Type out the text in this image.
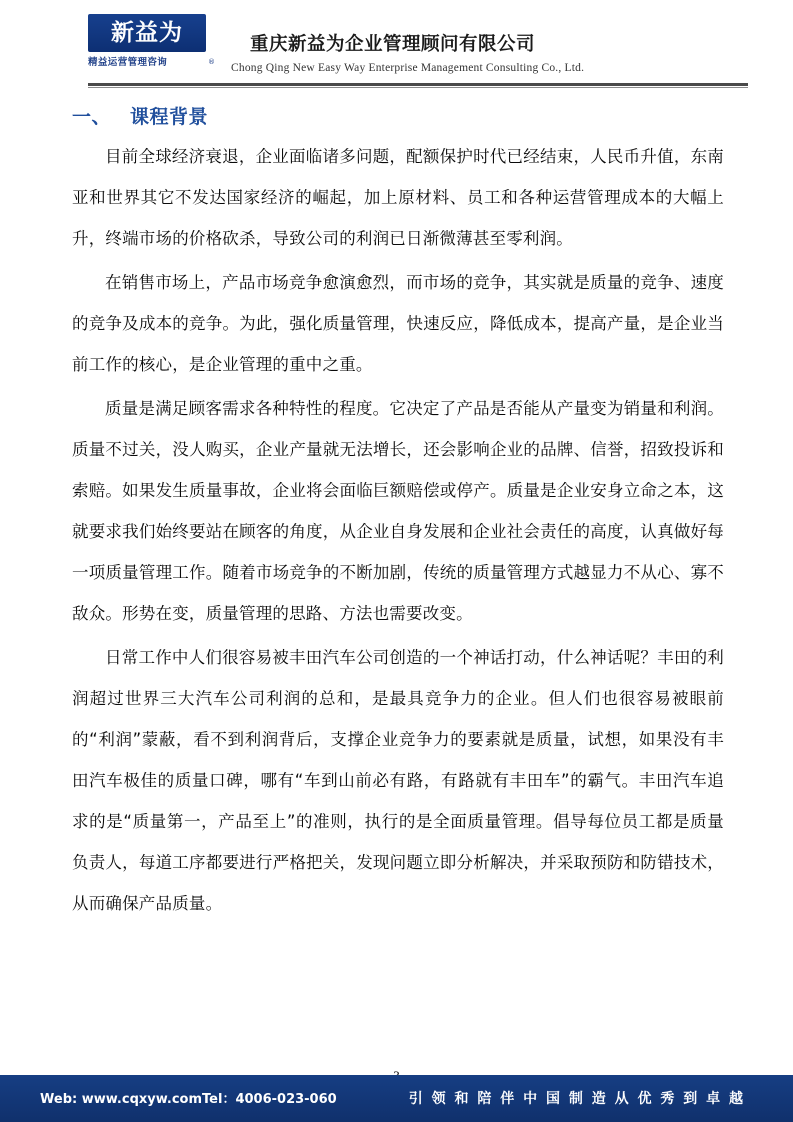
新益为
精益运营管理咨询	®
重庆新益为企业管理顾问有限公司
Chong Qing New Easy Way Enterprise Management Consulting Co., Ltd.
一、 课程背景

目前全球经济衰退，企业面临诸多问题，配额保护时代已经结束，人民币升值，东南亚和世界其它不发达国家经济的崛起，加上原材料、员工和各种运营管理成本的大幅上升，终端市场的价格砍杀，导致公司的利润已日渐微薄甚至零利润。

在销售市场上，产品市场竞争愈演愈烈，而市场的竞争，其实就是质量的竞争、速度的竞争及成本的竞争。为此，强化质量管理，快速反应，降低成本，提高产量，是企业当前工作的核心，是企业管理的重中之重。

质量是满足顾客需求各种特性的程度。它决定了产品是否能从产量变为销量和利润。质量不过关，没人购买，企业产量就无法增长，还会影响企业的品牌、信誉，招致投诉和索赔。如果发生质量事故，企业将会面临巨额赔偿或停产。质量是企业安身立命之本，这就要求我们始终要站在顾客的角度，从企业自身发展和企业社会责任的高度，认真做好每一项质量管理工作。随着市场竞争的不断加剧，传统的质量管理方式越显力不从心、寡不敌众。形势在变，质量管理的思路、方法也需要改变。

日常工作中人们很容易被丰田汽车公司创造的一个神话打动，什么神话呢？丰田的利润超过世界三大汽车公司利润的总和，是最具竞争力的企业。但人们也很容易被眼前的“利润”蒙蔽，看不到利润背后，支撑企业竞争力的要素就是质量，试想，如果没有丰田汽车极佳的质量口碑，哪有“车到山前必有路，有路就有丰田车”的霸气。丰田汽车追求的是“质量第一，产品至上”的准则，执行的是全面质量管理。倡导每位员工都是质量负责人，每道工序都要进行严格把关，发现问题立即分析解决，并采取预防和防错技术，从而确保产品质量。

Web: www.cqxyw.comTel：4006-023-060	引 领 和 陪 伴 中 国 制 造 从 优 秀 到 卓 越
